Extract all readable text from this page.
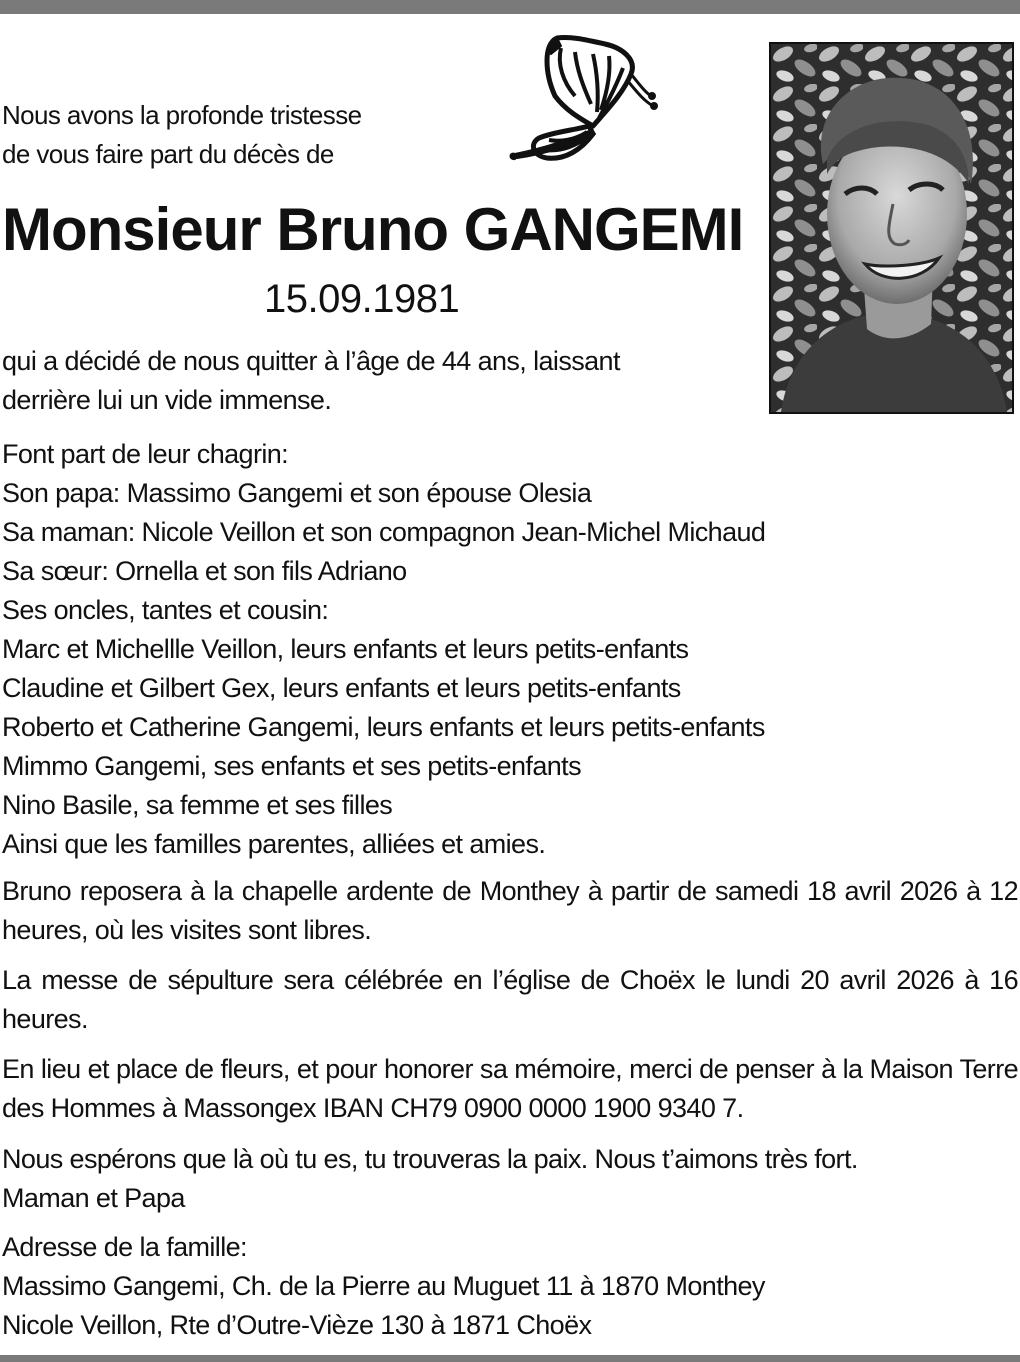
Nous avons la profonde tristesse
de vous faire part du décès de
Monsieur Bruno GANGEMI
15.09.1981
qui a décidé de nous quitter à l’âge de 44 ans, laissant
derrière lui un vide immense.
Font part de leur chagrin:
Son papa: Massimo Gangemi et son épouse Olesia
Sa maman: Nicole Veillon et son compagnon Jean-Michel Michaud
Sa sœur: Ornella et son fils Adriano
Ses oncles, tantes et cousin:
Marc et Michellle Veillon, leurs enfants et leurs petits-enfants
Claudine et Gilbert Gex, leurs enfants et leurs petits-enfants
Roberto et Catherine Gangemi, leurs enfants et leurs petits-enfants
Mimmo Gangemi, ses enfants et ses petits-enfants
Nino Basile, sa femme et ses filles
Ainsi que les familles parentes, alliées et amies.
Bruno reposera à la chapelle ardente de Monthey à partir de samedi 18 avril 2026 à 12 heures, où les visites sont libres.
La messe de sépulture sera célébrée en l’église de Choëx le lundi 20 avril 2026 à 16 heures.
En lieu et place de fleurs, et pour honorer sa mémoire, merci de penser à la Maison Terre des Hommes à Massongex IBAN CH79 0900 0000 1900 9340 7.
Nous espérons que là où tu es, tu trouveras la paix. Nous t’aimons très fort.
Maman et Papa
Adresse de la famille:
Massimo Gangemi, Ch. de la Pierre au Muguet 11 à 1870 Monthey
Nicole Veillon, Rte d’Outre-Vièze 130 à 1871 Choëx
